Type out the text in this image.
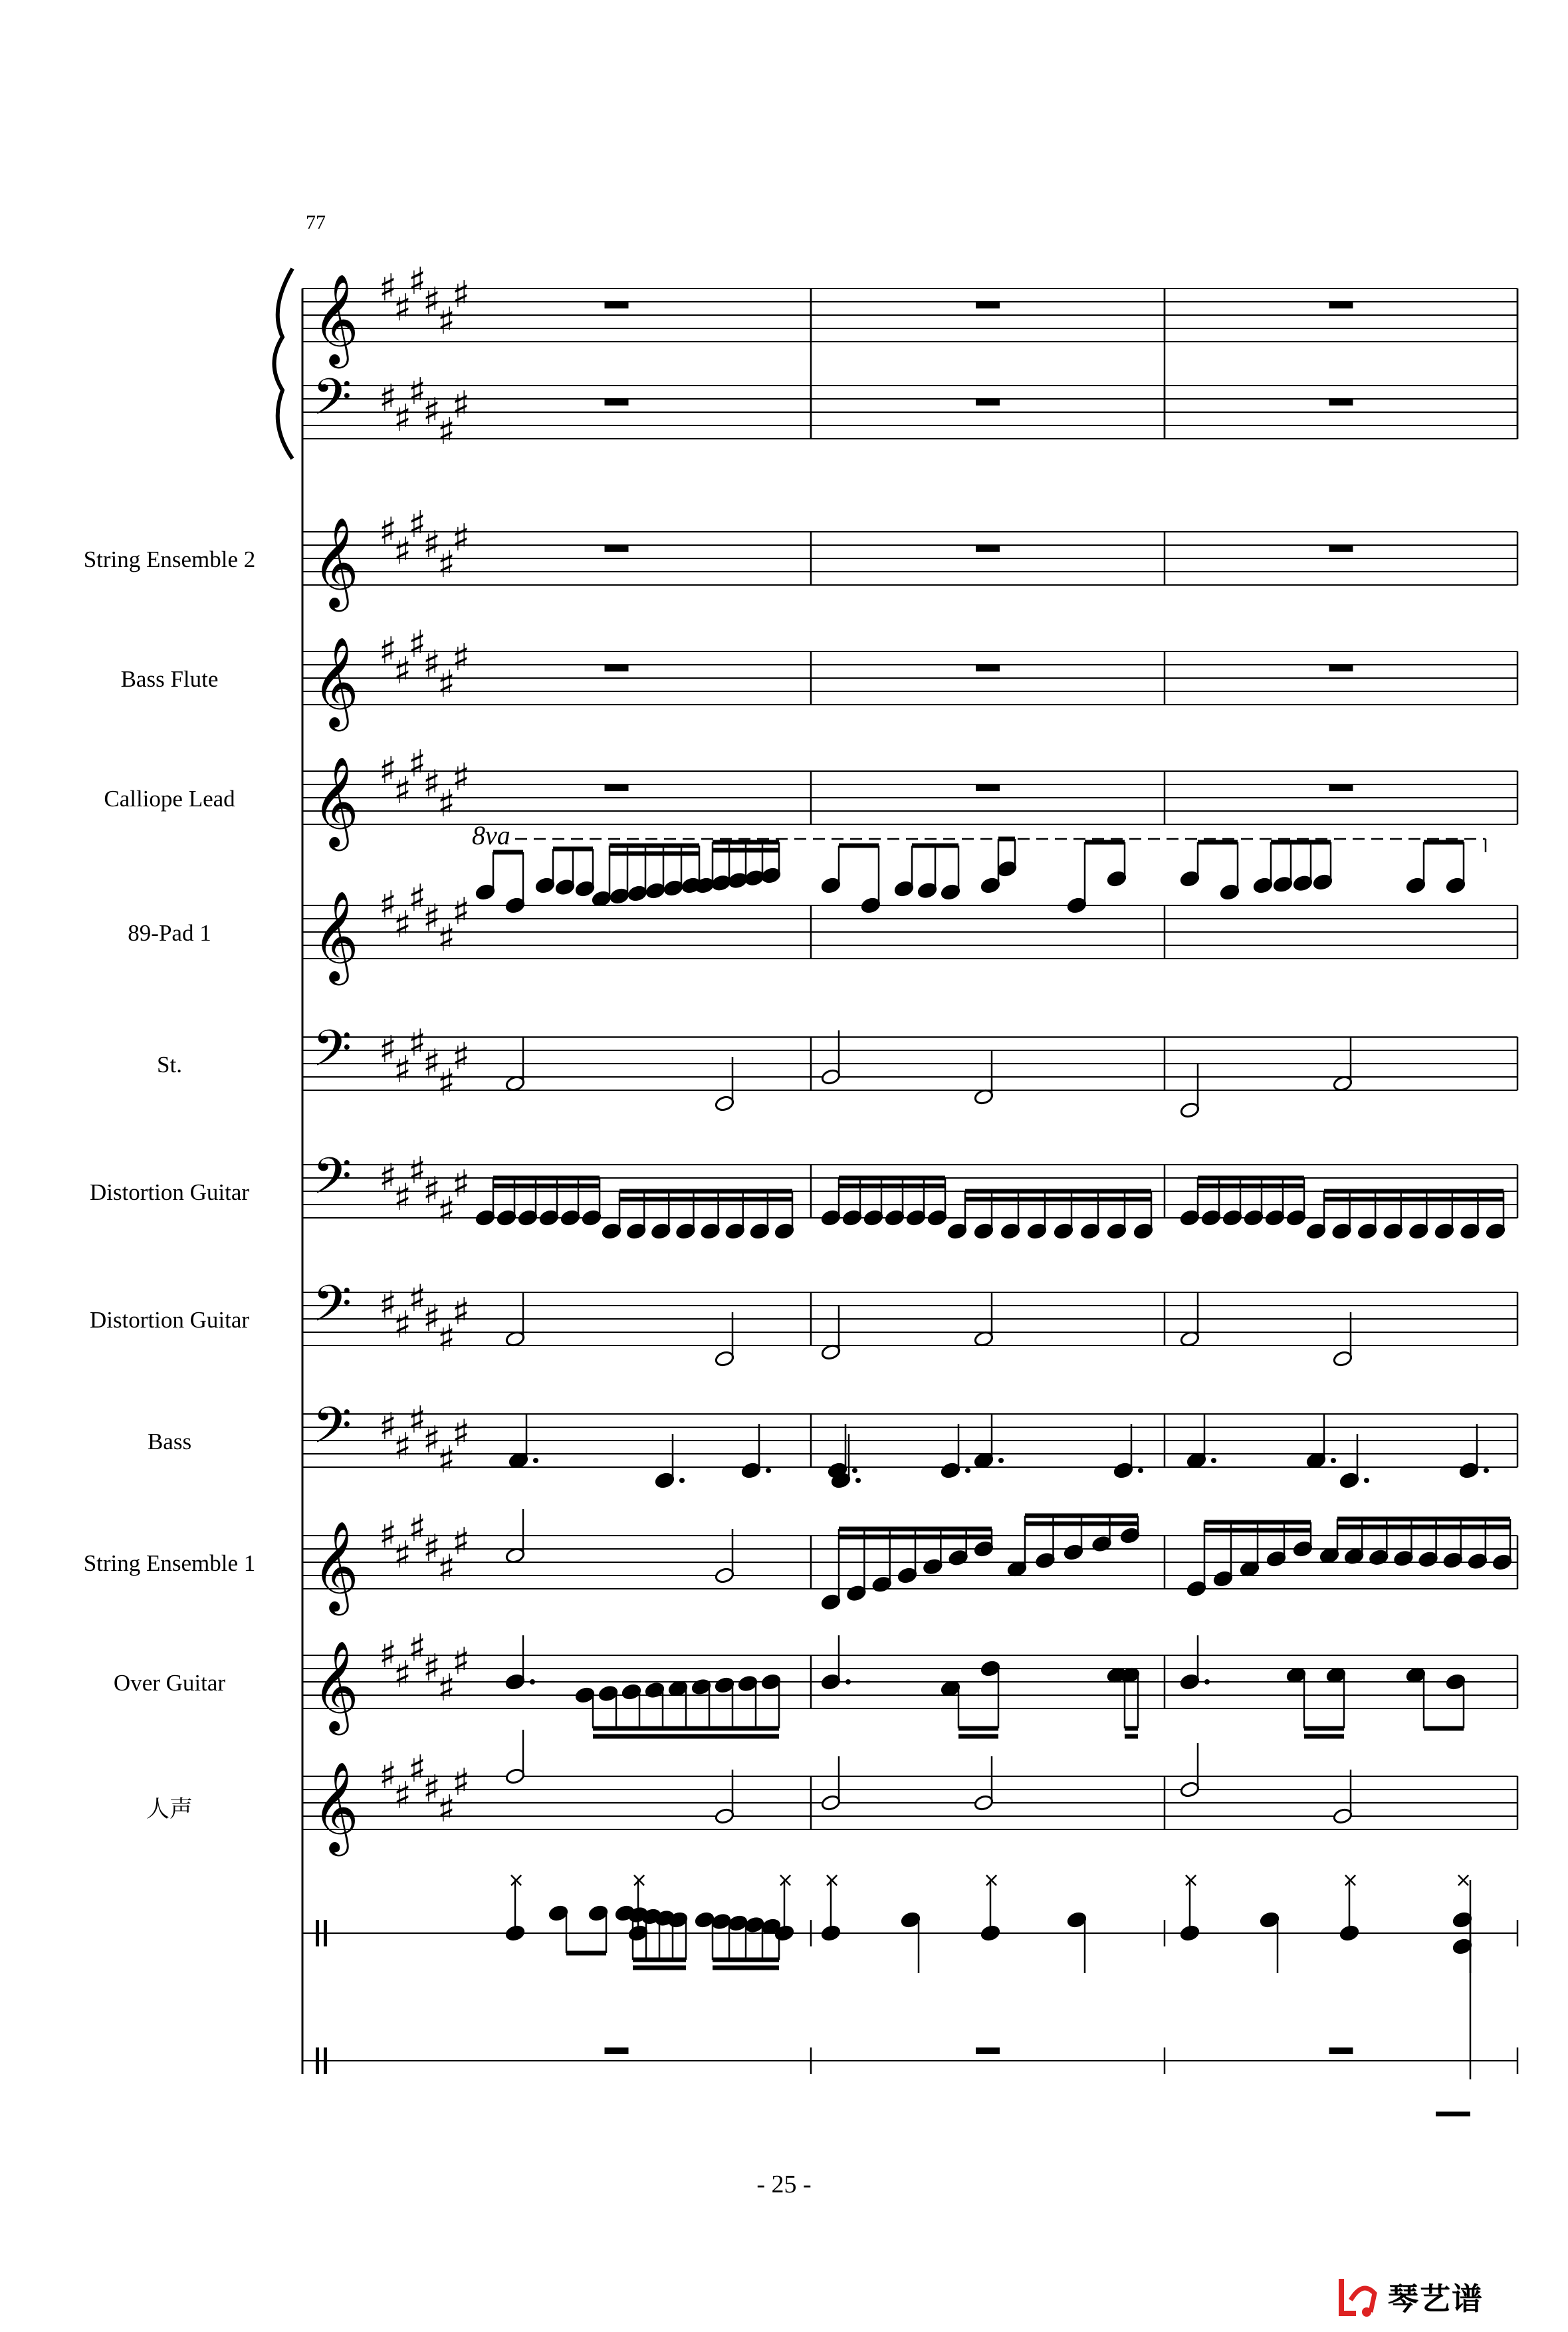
𝄞 ♯
♯
♯
♯
♯
♯
𝄢 ♯
♯
♯
♯
♯
♯
𝄞 ♯
♯
♯
♯
♯
♯
𝄞 ♯
♯
♯
♯
♯
♯
𝄞 ♯
♯
♯
♯
♯
♯
𝄞 ♯
♯
♯
♯
♯
♯
𝄢 ♯
♯
♯
♯
♯
♯
𝄢 ♯
♯
♯
♯
♯
♯
𝄢 ♯
♯
♯
♯
♯
♯
𝄢 ♯
♯
♯
♯
♯
♯
𝄞 ♯
♯
♯
♯
♯
♯
𝄞 ♯
♯
♯
♯
♯
♯
𝄞 ♯
♯
♯
♯
♯
♯
8va
×	×	×
×	×	×
×	×
77
String Ensemble 2
Bass Flute
Calliope Lead
89-Pad 1
St.
Distortion Guitar
Distortion Guitar
Bass
String Ensemble 1
Over Guitar
人声
- 25 -
琴艺谱
